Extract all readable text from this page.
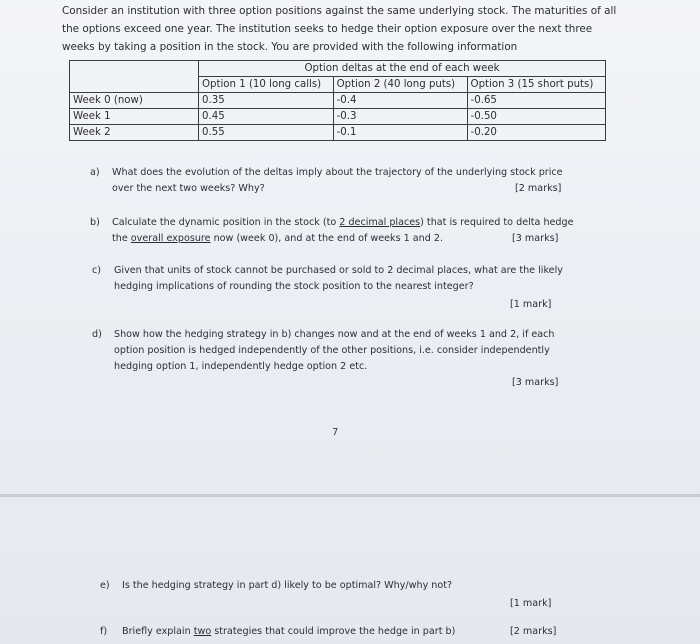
Consider an institution with three option positions against the same underlying stock. The maturities of all the options exceed one year. The institution seeks to hedge their option exposure over the next three weeks by taking a position in the stock. You are provided with the following information
	Option deltas at the end of each week		
	Option 1 (10 long calls)	Option 2 (40 long puts)	Option 3 (15 short puts)
Week 0 (now)	0.35	-0.4	-0.65
Week 1	0.45	-0.3	-0.50
Week 2	0.55	-0.1	-0.20
a) What does the evolution of the deltas imply about the trajectory of the underlying stock price
over the next two weeks? Why?	[2 marks]
b) Calculate the dynamic position in the stock (to 2 decimal places) that is required to delta hedge
the overall exposure now (week 0), and at the end of weeks 1 and 2.	[3 marks]
c) Given that units of stock cannot be purchased or sold to 2 decimal places, what are the likely
hedging implications of rounding the stock position to the nearest integer?
[1 mark]
d) Show how the hedging strategy in b) changes now and at the end of weeks 1 and 2, if each
option position is hedged independently of the other positions, i.e. consider independently
hedging option 1, independently hedge option 2 etc.
[3 marks]
7
e) Is the hedging strategy in part d) likely to be optimal? Why/why not?
[1 mark]
f) Briefly explain two strategies that could improve the hedge in part b)	[2 marks]
